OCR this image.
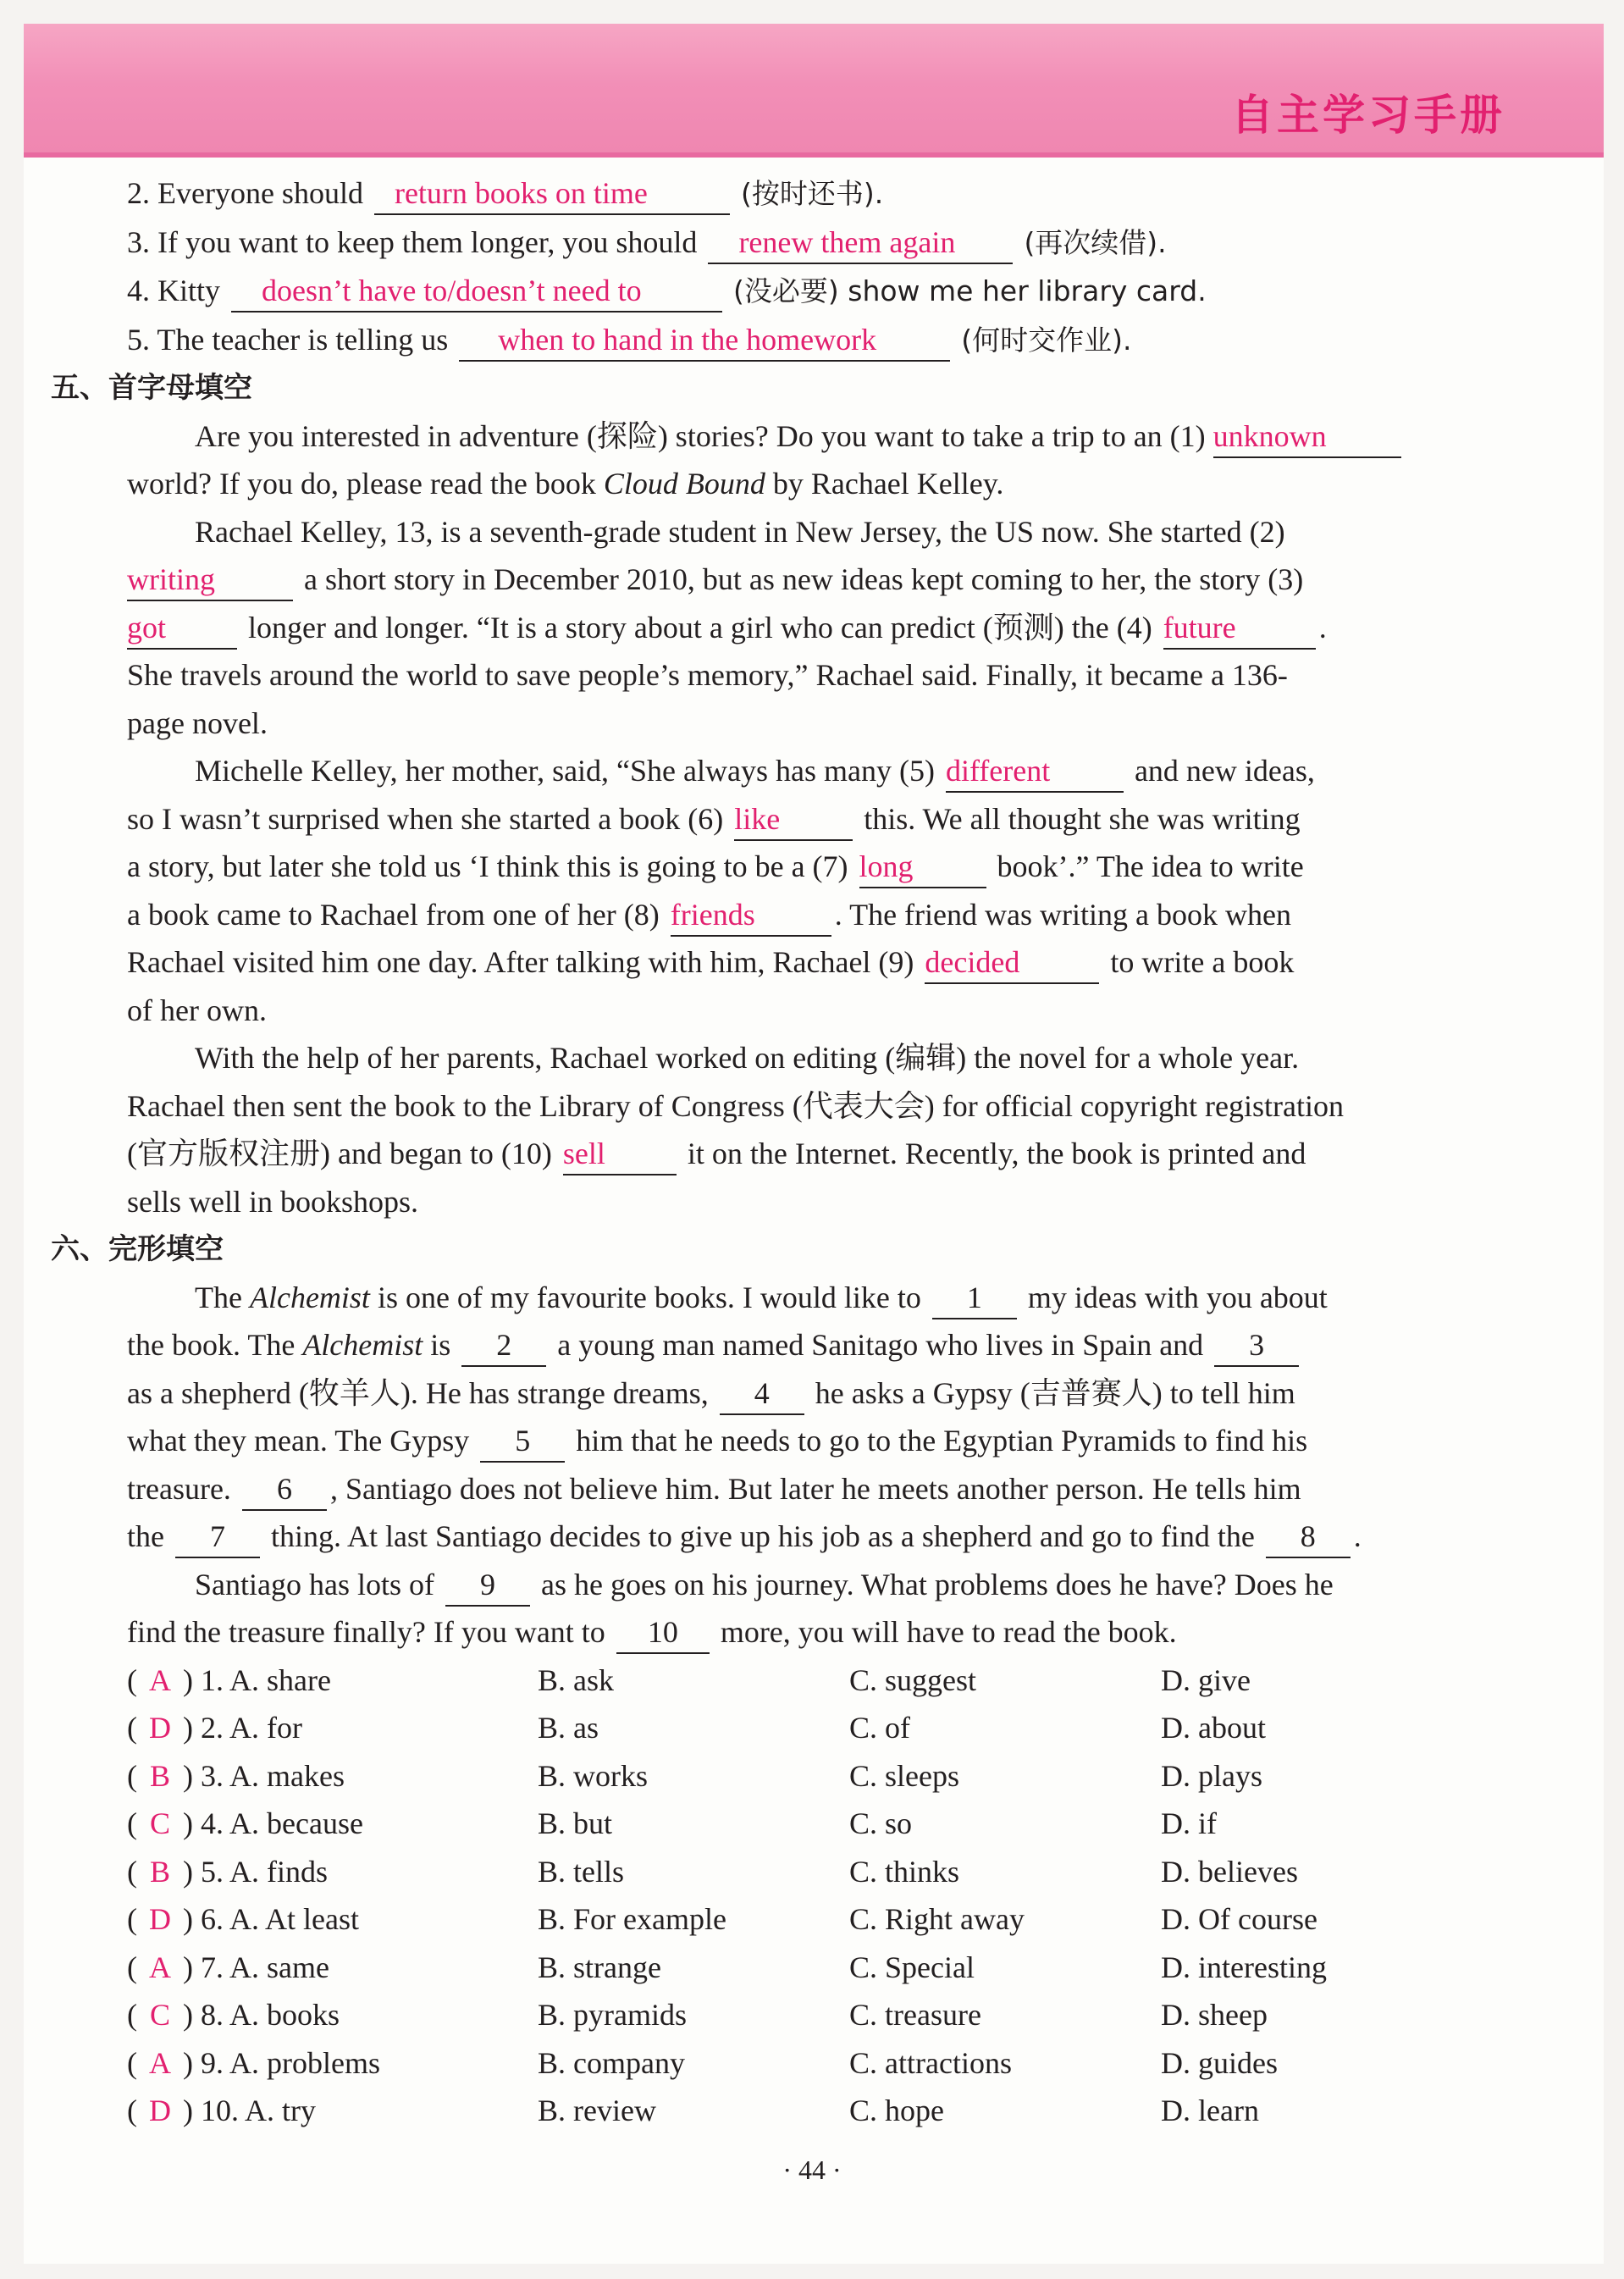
自主学习手册
2. Everyone should return books on time	(按时还书).
3. If you want to keep them longer, you should renew them again (再次续借).
4. Kitty doesn’t have to/doesn’t need to	(没必要) show me her library card.
5. The teacher is telling us when to hand in the homework	(何时交作业).
五、首字母填空
Are you interested in adventure (探险) stories? Do you want to take a trip to an (1) unknown
world? If you do, please read the book Cloud Bound by Rachael Kelley.
Rachael Kelley, 13, is a seventh-grade student in New Jersey, the US now. She started (2)
writing	a short story in December 2010, but as new ideas kept coming to her, the story (3)
got	longer and longer. “It is a story about a girl who can predict (预测) the (4) future	.
She travels around the world to save people’s memory,” Rachael said. Finally, it became a 136-
page novel.
Michelle Kelley, her mother, said, “She always has many (5) different	and new ideas,
so I wasn’t surprised when she started a book (6) like	this. We all thought she was writing
a story, but later she told us ‘I think this is going to be a (7) long	book’.” The idea to write
a book came to Rachael from one of her (8) friends	. The friend was writing a book when
Rachael visited him one day. After talking with him, Rachael (9) decided	to write a book
of her own.
With the help of her parents, Rachael worked on editing (编辑) the novel for a whole year.
Rachael then sent the book to the Library of Congress (代表大会) for official copyright registration
(官方版权注册) and began to (10) sell	it on the Internet. Recently, the book is printed and
sells well in bookshops.
六、完形填空
The Alchemist is one of my favourite books. I would like to 1 my ideas with you about
the book. The Alchemist is 2 a young man named Sanitago who lives in Spain and 3
as a shepherd (牧羊人). He has strange dreams, 4 he asks a Gypsy (吉普赛人) to tell him
what they mean. The Gypsy 5 him that he needs to go to the Egyptian Pyramids to find his
treasure. 6 , Santiago does not believe him. But later he meets another person. He tells him
the 7 thing. At last Santiago decides to give up his job as a shepherd and go to find the 8 .
Santiago has lots of 9 as he goes on his journey. What problems does he have? Does he
find the treasure finally? If you want to 10 more, you will have to read the book.
( A ) 1. A. share	B. ask	C. suggest	D. give
( D ) 2. A. for	B. as	C. of	D. about
( B ) 3. A. makes	B. works	C. sleeps	D. plays
( C ) 4. A. because	B. but	C. so	D. if
( B ) 5. A. finds	B. tells	C. thinks	D. believes
( D ) 6. A. At least	B. For example	C. Right away	D. Of course
( A ) 7. A. same	B. strange	C. Special	D. interesting
( C ) 8. A. books	B. pyramids	C. treasure	D. sheep
( A ) 9. A. problems	B. company	C. attractions	D. guides
( D ) 10. A. try	B. review	C. hope	D. learn
· 44 ·
